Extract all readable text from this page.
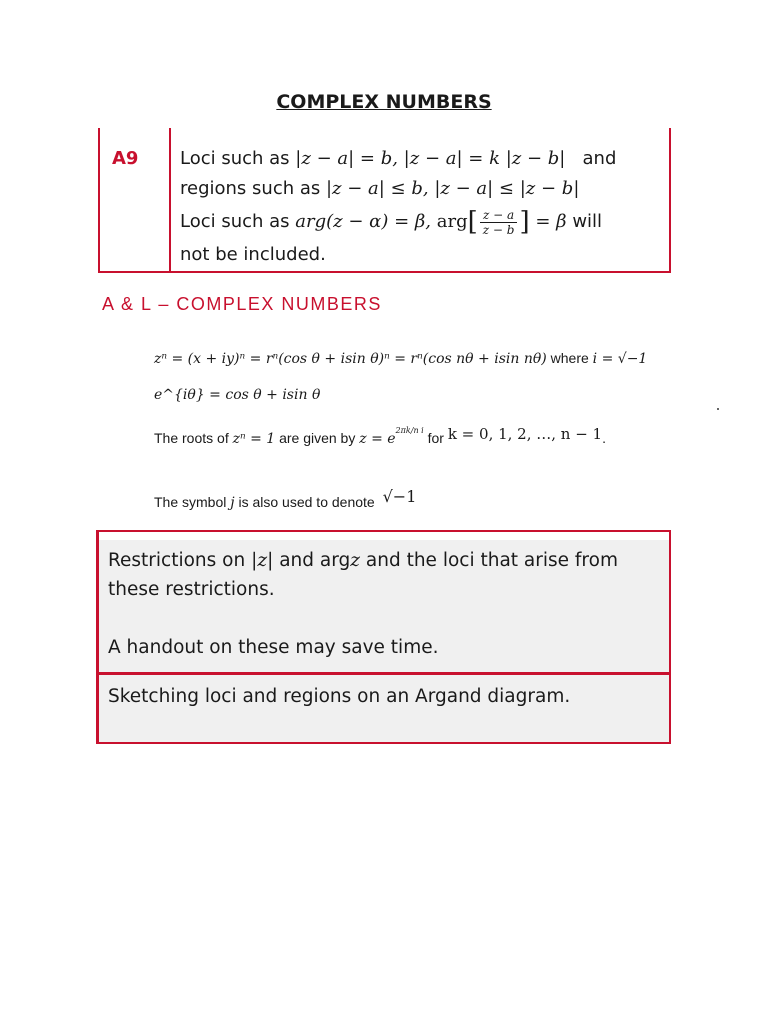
COMPLEX NUMBERS
A9 Loci such as |z − a| = b, |z − a| = k |z − b| and
regions such as |z − a| ≤ b, |z − a| ≤ |z − b|
Loci such as arg(z − α) = β, $arg[ \frac{z - a}{z - b}$ ] = β will
not be included.
A & L – COMPLEX NUMBERS
zⁿ = (x + iy)ⁿ = rⁿ(cos θ + isin θ)ⁿ = rⁿ(cos nθ + isin nθ) where i = √−1
e^{iθ} = cos θ + isin θ
The roots of zⁿ = 1 are given by $z = e^{2\pi k/n i}$ for k = 0, 1, 2, …, n − 1.
The symbol j is also used to denote √−1
Restrictions on |z| and argz and the loci that arise from
these restrictions.
A handout on these may save time.
Sketching loci and regions on an Argand diagram.
